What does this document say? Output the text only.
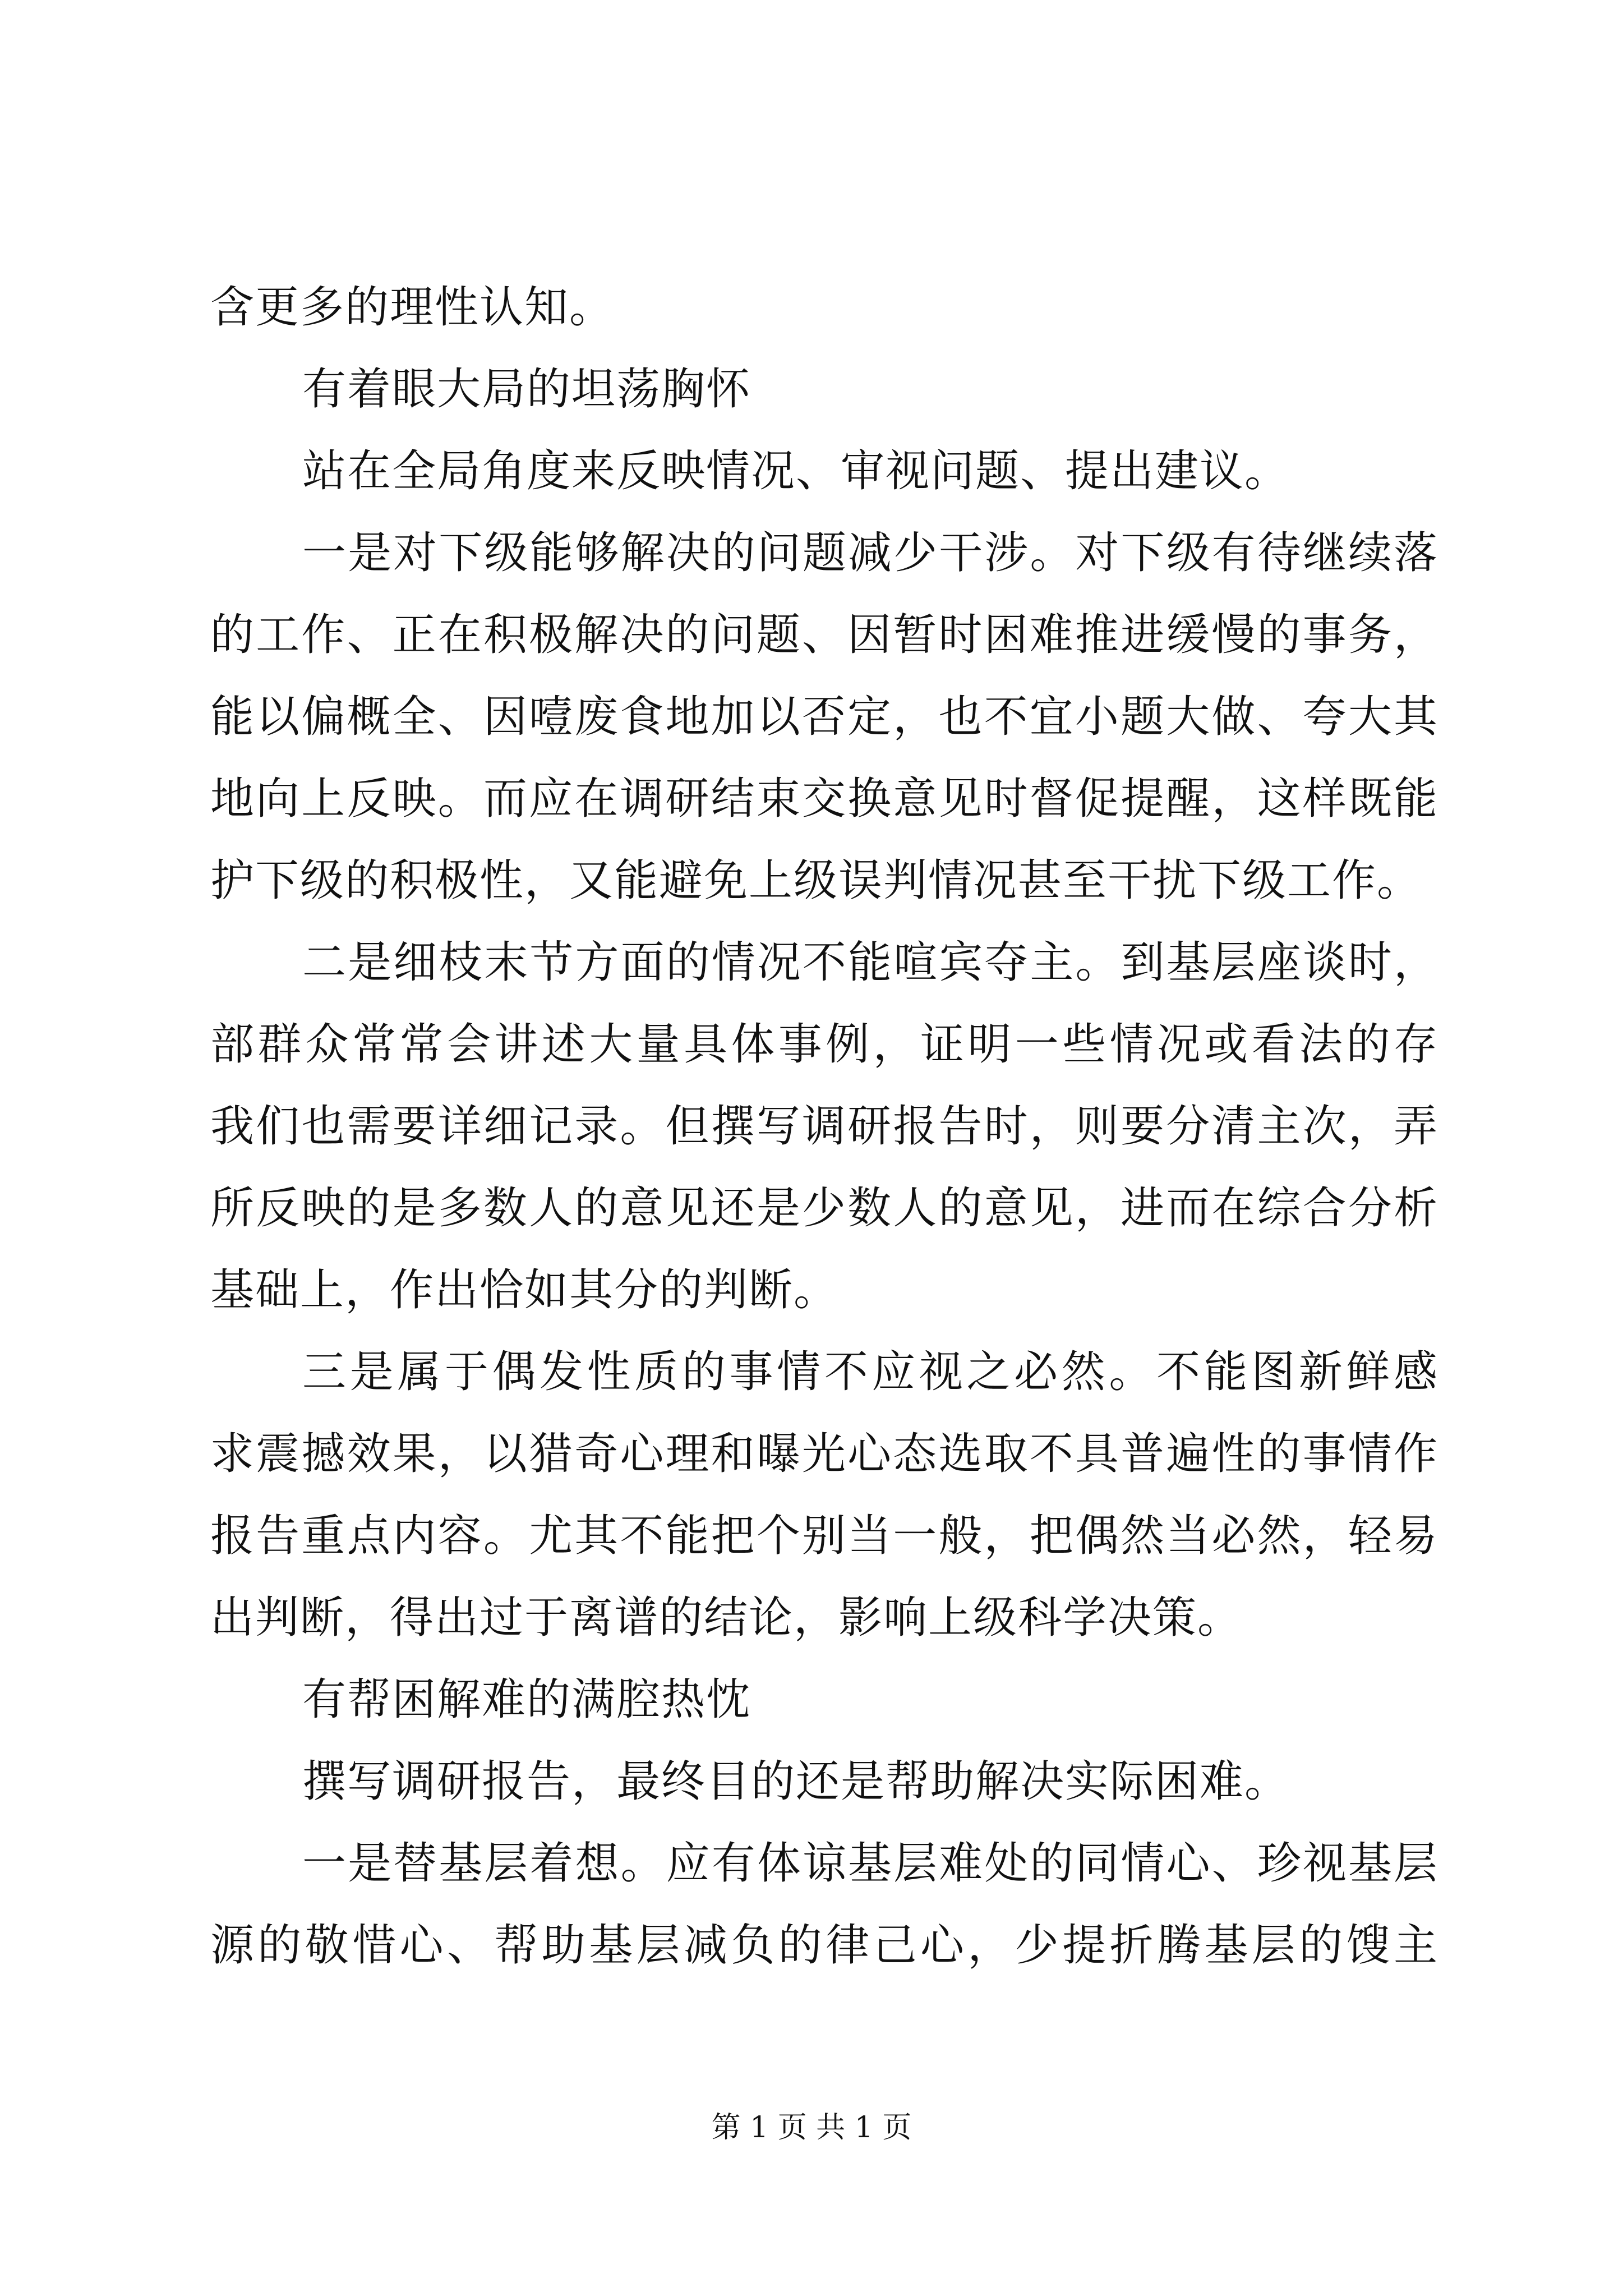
含更多的理性认知。
有着眼大局的坦荡胸怀
站在全局角度来反映情况、审视问题、提出建议。
一是对下级能够解决的问题减少干涉。对下级有待继续落
的工作、正在积极解决的问题、因暂时困难推进缓慢的事务，
能以偏概全、因噎废食地加以否定，也不宜小题大做、夸大其
地向上反映。而应在调研结束交换意见时督促提醒，这样既能
护下级的积极性，又能避免上级误判情况甚至干扰下级工作。
二是细枝末节方面的情况不能喧宾夺主。到基层座谈时，
部群众常常会讲述大量具体事例，证明一些情况或看法的存
我们也需要详细记录。但撰写调研报告时，则要分清主次，弄
所反映的是多数人的意见还是少数人的意见，进而在综合分析
基础上，作出恰如其分的判断。
三是属于偶发性质的事情不应视之必然。不能图新鲜感
求震撼效果，以猎奇心理和曝光心态选取不具普遍性的事情作
报告重点内容。尤其不能把个别当一般，把偶然当必然，轻易
出判断，得出过于离谱的结论，影响上级科学决策。
有帮困解难的满腔热忱
撰写调研报告，最终目的还是帮助解决实际困难。
一是替基层着想。应有体谅基层难处的同情心、珍视基层
源的敬惜心、帮助基层减负的律己心，少提折腾基层的馊主
第 1 页 共 1 页
